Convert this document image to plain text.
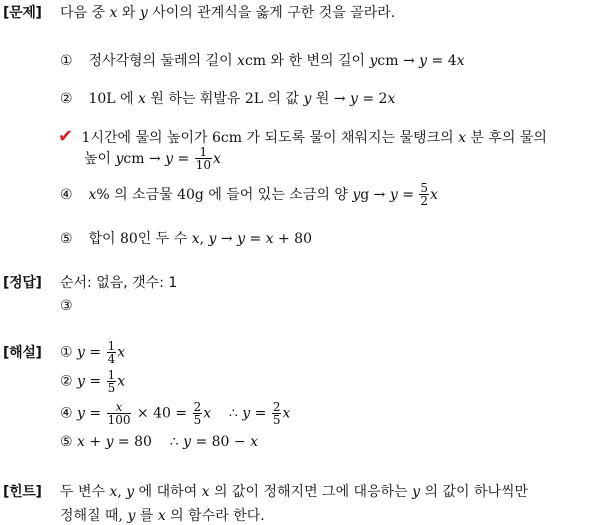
[문제] 다음 중 x 와 y 사이의 관계식을 옳게 구한 것을 골라라.
① 정사각형의 둘레의 길이 xcm 와 한 변의 길이 ycm → y = 4x
② 10L 에 x 원 하는 휘발유 2L 의 값 y 원 → y = 2x
✔ 1시간에 물의 높이가 6cm 가 되도록 물이 채워지는 물탱크의 x 분 후의 물의
높이 ycm → $y = \frac{1}{10}$ x
④ x% 의 소금물 40g 에 들어 있는 소금의 양 yg → $y = \frac{5}{2}$ x
⑤ 합이 80인 두 수 x, y → y = x + 80
[정답] 순서: 없음, 갯수: 1
③
[해설] ① $y = \frac{1}{4}$ x
② $y = \frac{1}{5}$ x
④ $y = \frac{x}{100} \times 40 = \frac{2}{5}$ x    ∴ $y = \frac{2}{5}$ x
⑤ x + y = 80    ∴ y = 80 − x
[힌트] 두 변수 x, y 에 대하여 x 의 값이 정해지면 그에 대응하는 y 의 값이 하나씩만
정해질 때, y 를 x 의 함수라 한다.
